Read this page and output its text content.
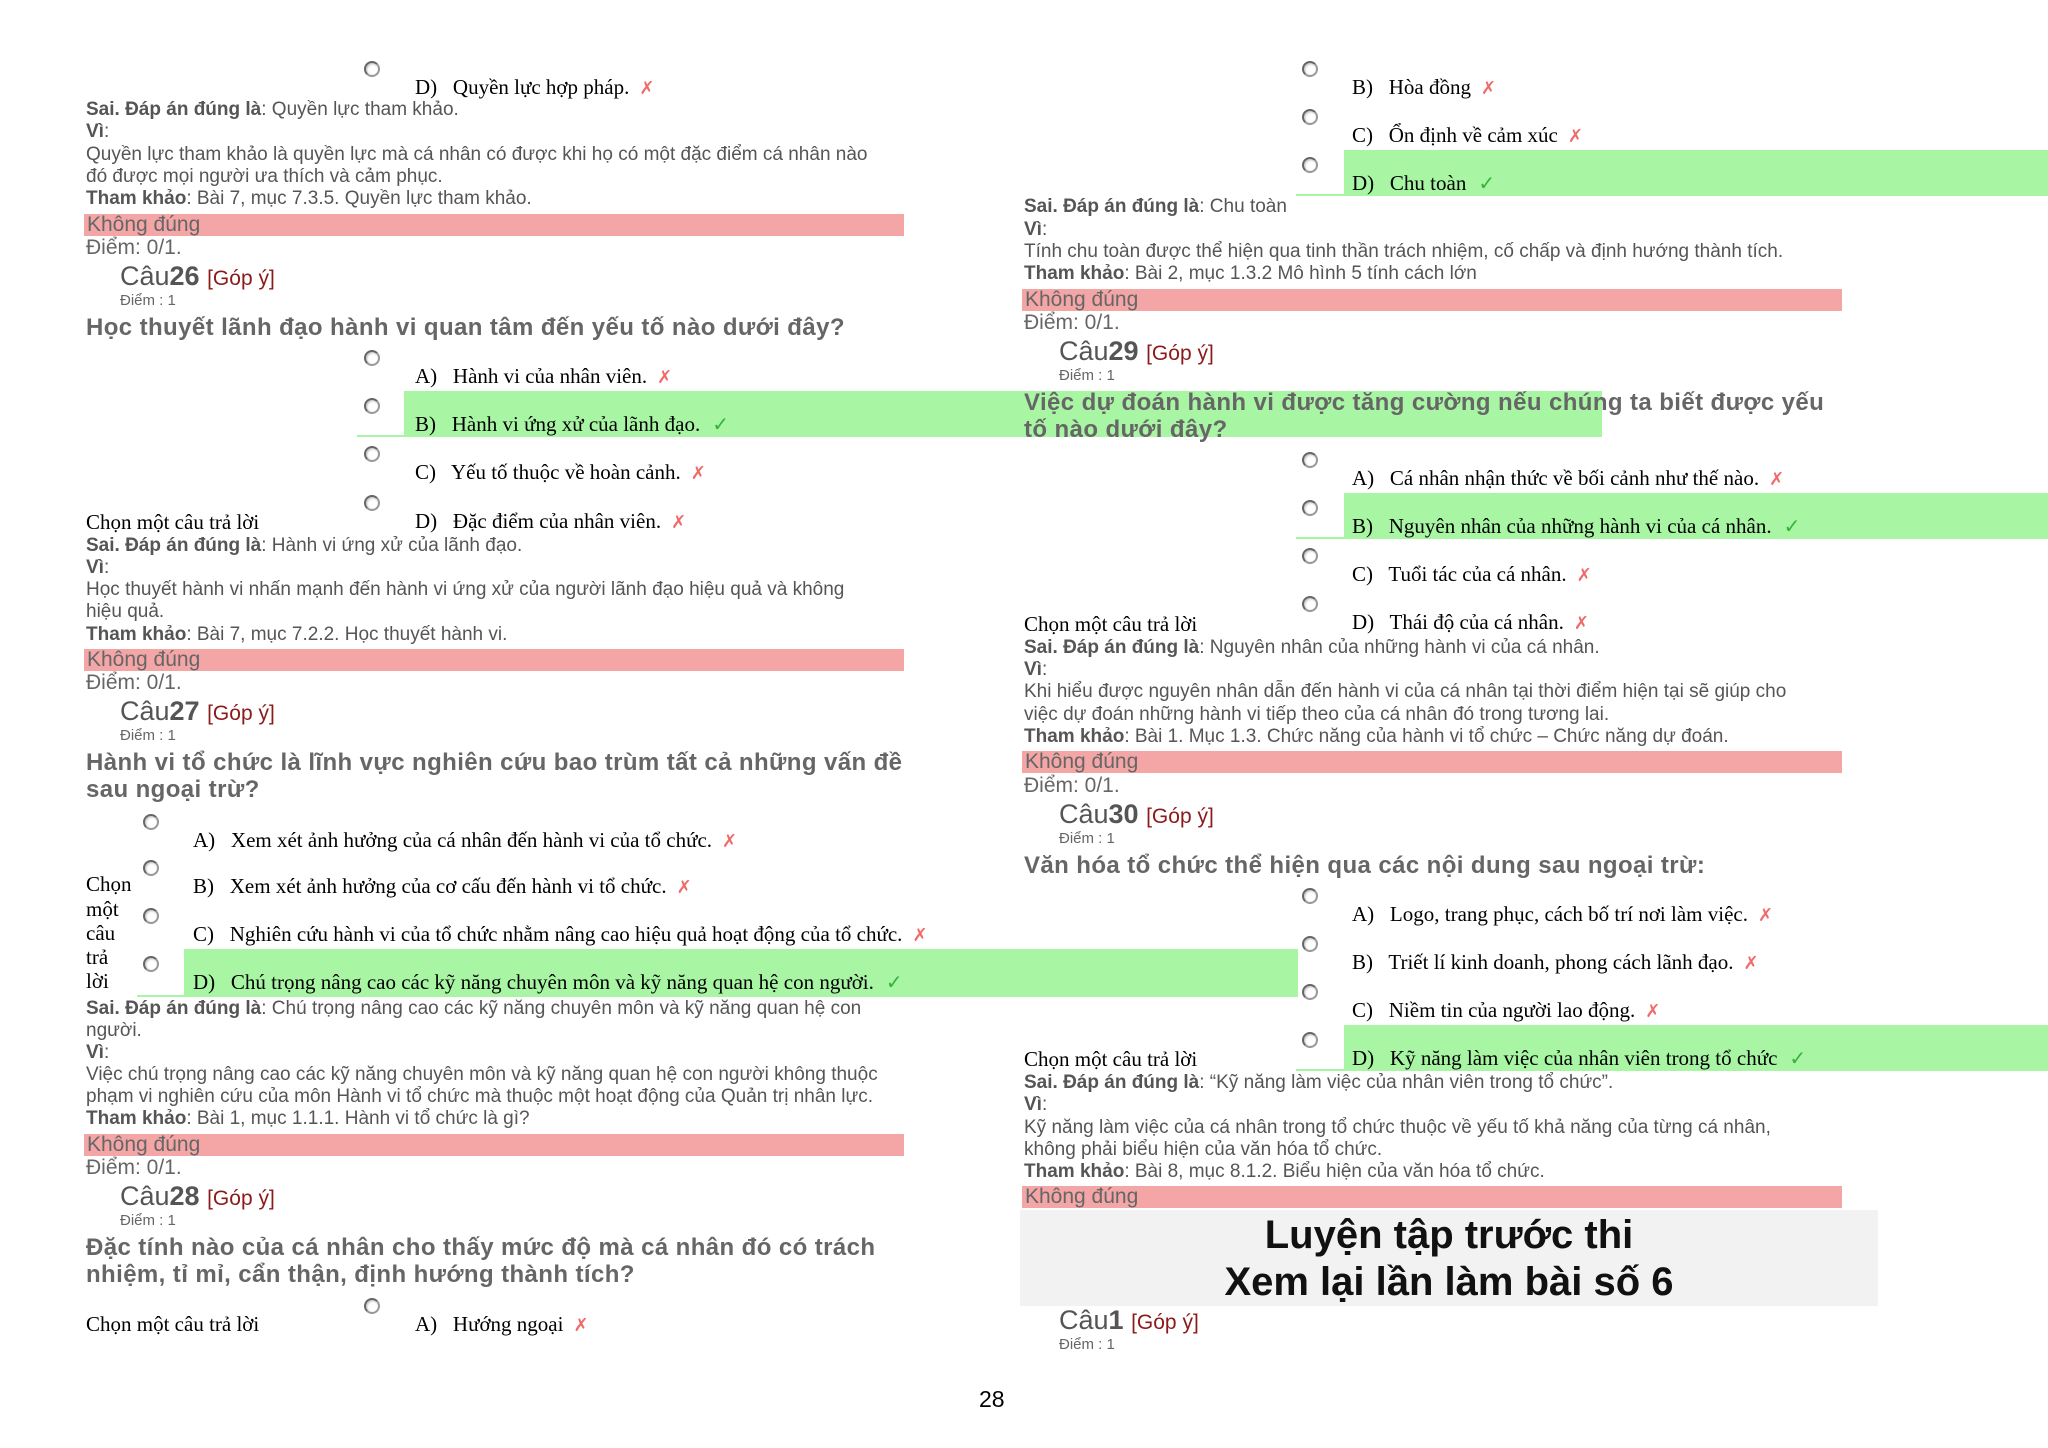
D)   Quyền lực hợp pháp. ✗
Sai. Đáp án đúng là: Quyền lực tham khảo.
Vì:
Quyền lực tham khảo là quyền lực mà cá nhân có được khi họ có một đặc điểm cá nhân nào
đó được mọi người ưa thích và cảm phục.
Tham khảo: Bài 7, mục 7.3.5. Quyền lực tham khảo.
Không đúng
Điểm: 0/1.
Câu26 [Góp ý]
Điểm : 1
Học thuyết lãnh đạo hành vi quan tâm đến yếu tố nào dưới đây?
A)   Hành vi của nhân viên. ✗
B)   Hành vi ứng xử của lãnh đạo. ✓
C)   Yếu tố thuộc về hoàn cảnh. ✗
Chọn một câu trả lời	D)   Đặc điểm của nhân viên. ✗
Sai. Đáp án đúng là: Hành vi ứng xử của lãnh đạo.
Vì:
Học thuyết hành vi nhấn mạnh đến hành vi ứng xử của người lãnh đạo hiệu quả và không
hiệu quả.
Tham khảo: Bài 7, mục 7.2.2. Học thuyết hành vi.
Không đúng
Điểm: 0/1.
Câu27 [Góp ý]
Điểm : 1
Hành vi tổ chức là lĩnh vực nghiên cứu bao trùm tất cả những vấn đề
sau ngoại trừ?
A)   Xem xét ảnh hưởng của cá nhân đến hành vi của tổ chức. ✗
Chọn	B)   Xem xét ảnh hưởng của cơ cấu đến hành vi tổ chức. ✗
một
câu	C)   Nghiên cứu hành vi của tổ chức nhằm nâng cao hiệu quả hoạt động của tổ chức. ✗
trả
lời	D)   Chú trọng nâng cao các kỹ năng chuyên môn và kỹ năng quan hệ con người. ✓
Sai. Đáp án đúng là: Chú trọng nâng cao các kỹ năng chuyên môn và kỹ năng quan hệ con
người.
Vì:
Việc chú trọng nâng cao các kỹ năng chuyên môn và kỹ năng quan hệ con người không thuộc
phạm vi nghiên cứu của môn Hành vi tổ chức mà thuộc một hoạt động của Quản trị nhân lực.
Tham khảo: Bài 1, mục 1.1.1. Hành vi tổ chức là gì?
Không đúng
Điểm: 0/1.
Câu28 [Góp ý]
Điểm : 1
Đặc tính nào của cá nhân cho thấy mức độ mà cá nhân đó có trách
nhiệm, tỉ mỉ, cẩn thận, định hướng thành tích?
Chọn một câu trả lời	A)   Hướng ngoại ✗
B)   Hòa đồng ✗
C)   Ổn định về cảm xúc ✗
D)   Chu toàn ✓
Sai. Đáp án đúng là: Chu toàn
Vì:
Tính chu toàn được thể hiện qua tinh thần trách nhiệm, cố chấp và định hướng thành tích.
Tham khảo: Bài 2, mục 1.3.2 Mô hình 5 tính cách lớn
Không đúng
Điểm: 0/1.
Câu29 [Góp ý]
Điểm : 1
Việc dự đoán hành vi được tăng cường nếu chúng ta biết được yếu
tố nào dưới đây?
A)   Cá nhân nhận thức về bối cảnh như thế nào. ✗
B)   Nguyên nhân của những hành vi của cá nhân. ✓
C)   Tuổi tác của cá nhân. ✗
Chọn một câu trả lời	D)   Thái độ của cá nhân. ✗
Sai. Đáp án đúng là: Nguyên nhân của những hành vi của cá nhân.
Vì:
Khi hiểu được nguyên nhân dẫn đến hành vi của cá nhân tại thời điểm hiện tại sẽ giúp cho
việc dự đoán những hành vi tiếp theo của cá nhân đó trong tương lai.
Tham khảo: Bài 1. Mục 1.3. Chức năng của hành vi tổ chức – Chức năng dự đoán.
Không đúng
Điểm: 0/1.
Câu30 [Góp ý]
Điểm : 1
Văn hóa tổ chức thể hiện qua các nội dung sau ngoại trừ:
A)   Logo, trang phục, cách bố trí nơi làm việc. ✗
B)   Triết lí kinh doanh, phong cách lãnh đạo. ✗
C)   Niềm tin của người lao động. ✗
Chọn một câu trả lời	D)   Kỹ năng làm việc của nhân viên trong tổ chức ✓
Sai. Đáp án đúng là: “Kỹ năng làm việc của nhân viên trong tổ chức”.
Vì:
Kỹ năng làm việc của cá nhân trong tổ chức thuộc về yếu tố khả năng của từng cá nhân,
không phải biểu hiện của văn hóa tổ chức.
Tham khảo: Bài 8, mục 8.1.2. Biểu hiện của văn hóa tổ chức.
Không đúng
Luyện tập trước thi
Xem lại lần làm bài số 6
Câu1 [Góp ý]
Điểm : 1
28
